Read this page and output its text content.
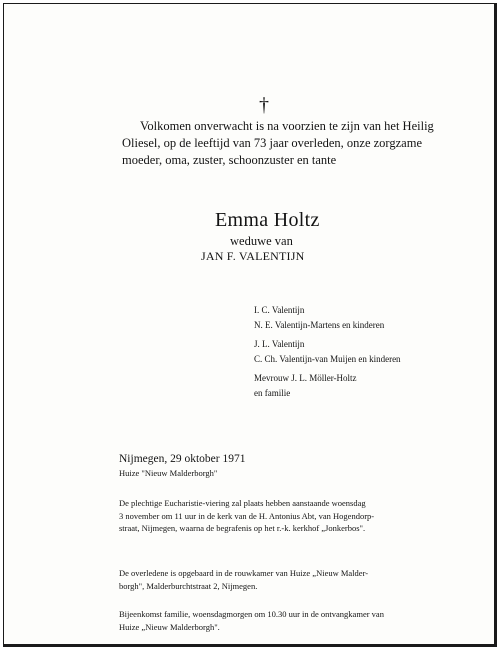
†
Volkomen onverwacht is na voorzien te zijn van het Heilig
Oliesel, op de leeftijd van 73 jaar overleden, onze zorgzame
moeder, oma, zuster, schoonzuster en tante
Emma Holtz
weduwe van
JAN F. VALENTIJN
I. C. Valentijn
N. E. Valentijn-Martens en kinderen
J. L. Valentijn
C. Ch. Valentijn-van Muijen en kinderen
Mevrouw J. L. Möller-Holtz
en familie
Nijmegen, 29 oktober 1971
Huize "Nieuw Malderborgh"
De plechtige Eucharistie-viering zal plaats hebben aanstaande woensdag
3 november om 11 uur in de kerk van de H. Antonius Abt, van Hogendorp-
straat, Nijmegen, waarna de begrafenis op het r.-k. kerkhof „Jonkerbos".
De overledene is opgebaard in de rouwkamer van Huize „Nieuw Malder-
borgh", Malderburchtstraat 2, Nijmegen.
Bijeenkomst familie, woensdagmorgen om 10.30 uur in de ontvangkamer van
Huize „Nieuw Malderborgh".
